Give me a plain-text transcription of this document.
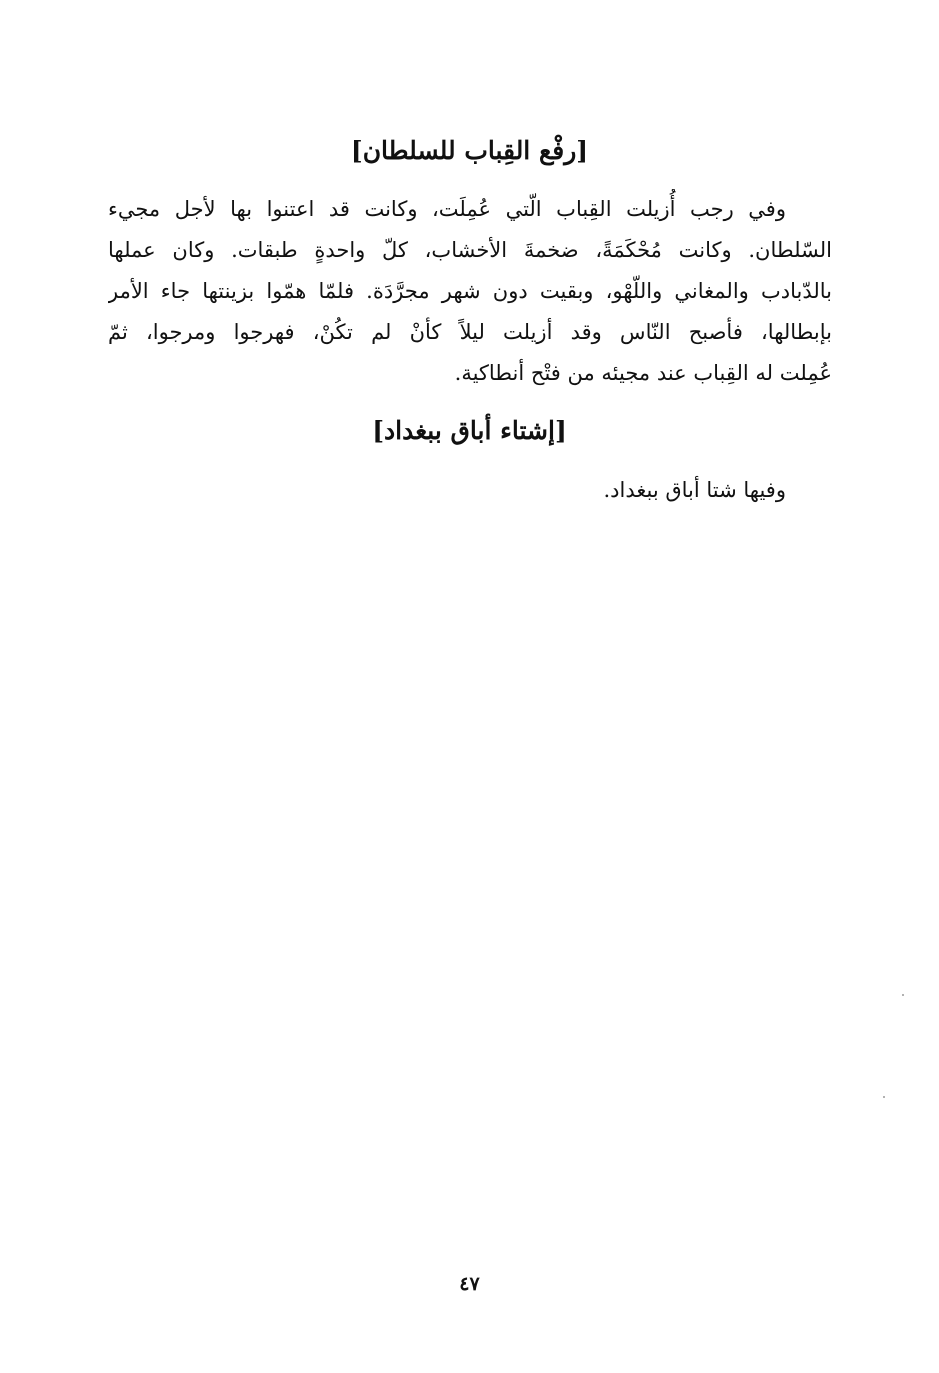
[رفْع القِباب للسلطان]
وفي رجب أُزيلت القِباب الّتي عُمِلَت، وكانت قد اعتنوا بها لأجل مجيء
السّلطان. وكانت مُحْكَمَةً، ضخمةَ الأخشاب، كلّ واحدةٍ طبقات. وكان عملها
بالدّبادب والمغاني واللّهْو، وبقيت دون شهر مجرَّدَة. فلمّا همّوا بزينتها جاء الأمر
بإبطالها، فأصبح النّاس وقد أزيلت ليلاً كأنْ لم تكُنْ، فهرجوا ومرجوا، ثمّ
عُمِلت له القِباب عند مجيئه من فتْح أنطاكية.
[إشتاء أباق ببغداد]
وفيها شتا أباق ببغداد.
٤٧
